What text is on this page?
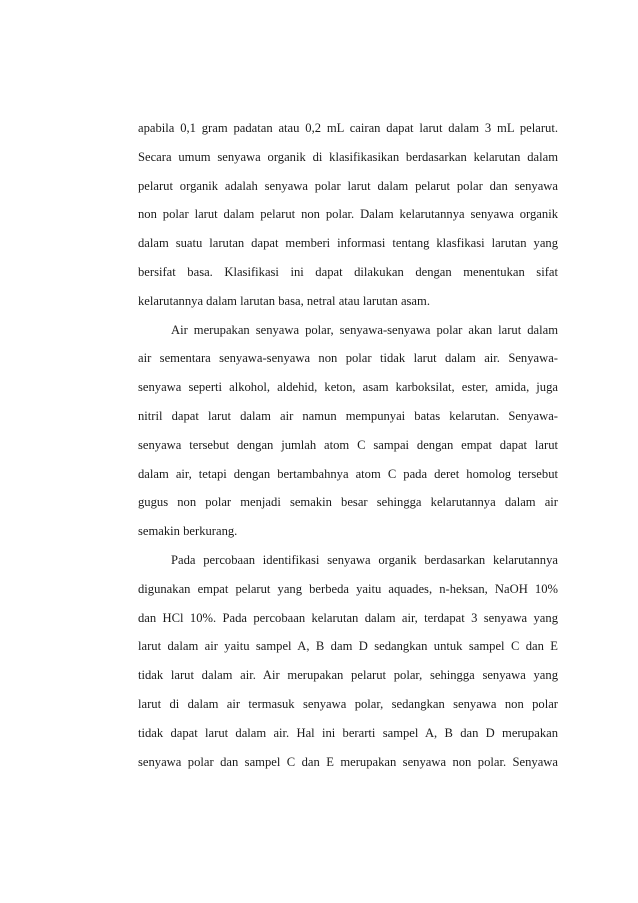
apabila 0,1 gram padatan atau 0,2 mL cairan dapat larut dalam 3 mL pelarut.
Secara umum senyawa organik di klasifikasikan berdasarkan kelarutan dalam
pelarut organik adalah senyawa polar larut dalam pelarut polar dan senyawa
non polar larut dalam pelarut non polar. Dalam kelarutannya senyawa organik
dalam suatu larutan dapat memberi informasi tentang klasfikasi larutan yang
bersifat basa. Klasifikasi ini dapat dilakukan dengan menentukan sifat
kelarutannya dalam larutan basa, netral atau larutan asam.
Air merupakan senyawa polar, senyawa-senyawa polar akan larut dalam
air sementara senyawa-senyawa non polar tidak larut dalam air. Senyawa-
senyawa seperti alkohol, aldehid, keton, asam karboksilat, ester, amida, juga
nitril dapat larut dalam air namun mempunyai batas kelarutan. Senyawa-
senyawa tersebut dengan jumlah atom C sampai dengan empat dapat larut
dalam air, tetapi dengan bertambahnya atom C pada deret homolog tersebut
gugus non polar menjadi semakin besar sehingga kelarutannya dalam air
semakin berkurang.
Pada percobaan identifikasi senyawa organik berdasarkan kelarutannya
digunakan empat pelarut yang berbeda yaitu aquades, n-heksan, NaOH 10%
dan HCl 10%. Pada percobaan kelarutan dalam air, terdapat 3 senyawa yang
larut dalam air yaitu sampel A, B dam D sedangkan untuk sampel C dan E
tidak larut dalam air. Air merupakan pelarut polar, sehingga senyawa yang
larut di dalam air termasuk senyawa polar, sedangkan senyawa non polar
tidak dapat larut dalam air. Hal ini berarti sampel A, B dan D merupakan
senyawa polar dan sampel C dan E merupakan senyawa non polar. Senyawa
